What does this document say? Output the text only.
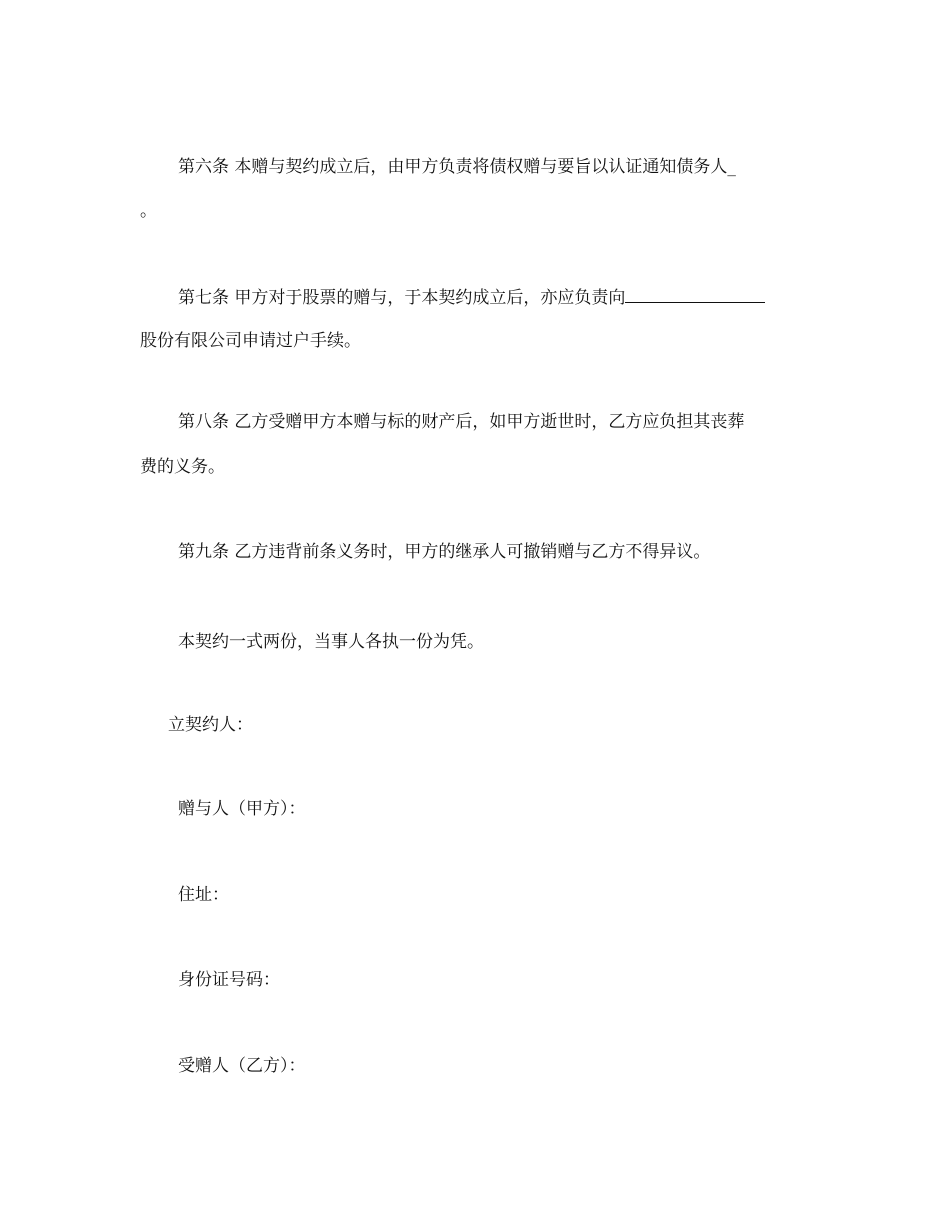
第六条 本赠与契约成立后，由甲方负责将债权赠与要旨以认证通知债务人_

。

第七条 甲方对于股票的赠与，于本契约成立后，亦应负责向

股份有限公司申请过户手续。

第八条 乙方受赠甲方本赠与标的财产后，如甲方逝世时，乙方应负担其丧葬

费的义务。

第九条 乙方违背前条义务时，甲方的继承人可撤销赠与乙方不得异议。

本契约一式两份，当事人各执一份为凭。

立契约人：

赠与人（甲方）：

住址：

身份证号码：

受赠人（乙方）：
